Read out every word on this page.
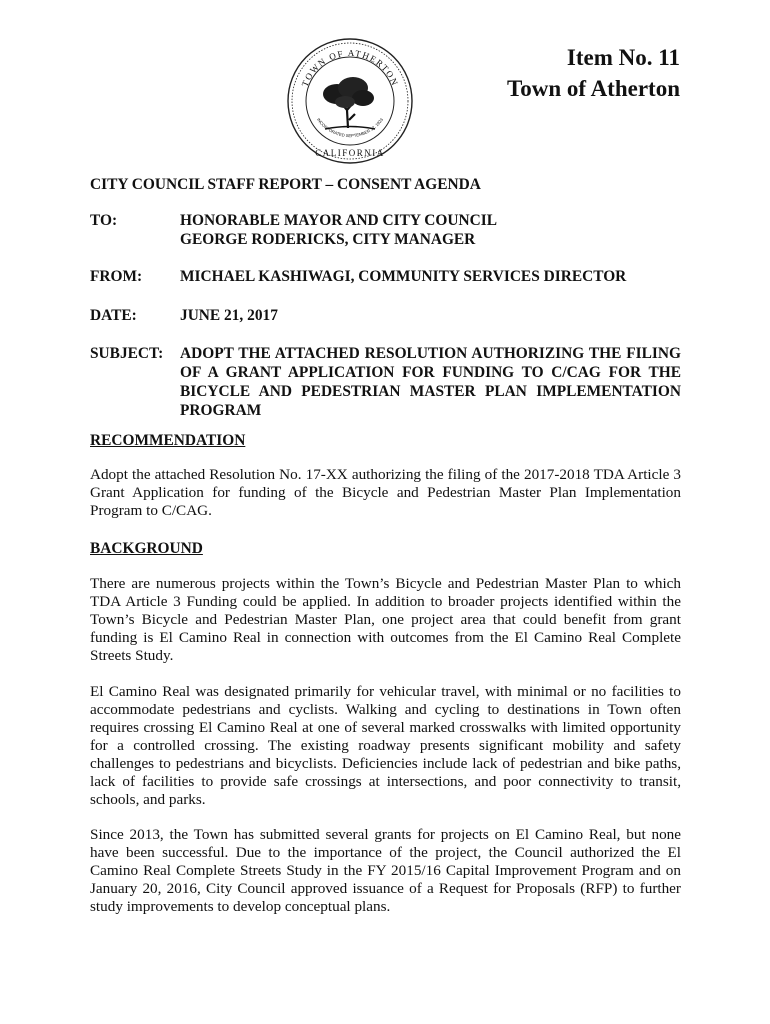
TOWN OF ATHERTON
INCORPORATED SEPTEMBER 12, 1923
CALIFORNIA
Item No. 11
Town of Atherton
CITY COUNCIL STAFF REPORT – CONSENT AGENDA
TO:	HONORABLE MAYOR AND CITY COUNCIL
GEORGE RODERICKS, CITY MANAGER
FROM: MICHAEL KASHIWAGI, COMMUNITY SERVICES DIRECTOR
DATE:	JUNE 21, 2017
SUBJECT: ADOPT THE ATTACHED RESOLUTION AUTHORIZING THE FILING OF A GRANT APPLICATION FOR FUNDING TO C/CAG FOR THE BICYCLE AND PEDESTRIAN MASTER PLAN IMPLEMENTATION PROGRAM
RECOMMENDATION
Adopt the attached Resolution No. 17-XX authorizing the filing of the 2017-2018 TDA Article 3 Grant Application for funding of the Bicycle and Pedestrian Master Plan Implementation Program to C/CAG.
BACKGROUND
There are numerous projects within the Town’s Bicycle and Pedestrian Master Plan to which TDA Article 3 Funding could be applied. In addition to broader projects identified within the Town’s Bicycle and Pedestrian Master Plan, one project area that could benefit from grant funding is El Camino Real in connection with outcomes from the El Camino Real Complete Streets Study.
El Camino Real was designated primarily for vehicular travel, with minimal or no facilities to accommodate pedestrians and cyclists. Walking and cycling to destinations in Town often requires crossing El Camino Real at one of several marked crosswalks with limited opportunity for a controlled crossing. The existing roadway presents significant mobility and safety challenges to pedestrians and bicyclists. Deficiencies include lack of pedestrian and bike paths, lack of facilities to provide safe crossings at intersections, and poor connectivity to transit, schools, and parks.
Since 2013, the Town has submitted several grants for projects on El Camino Real, but none have been successful. Due to the importance of the project, the Council authorized the El Camino Real Complete Streets Study in the FY 2015/16 Capital Improvement Program and on January 20, 2016, City Council approved issuance of a Request for Proposals (RFP) to further study improvements to develop conceptual plans.
